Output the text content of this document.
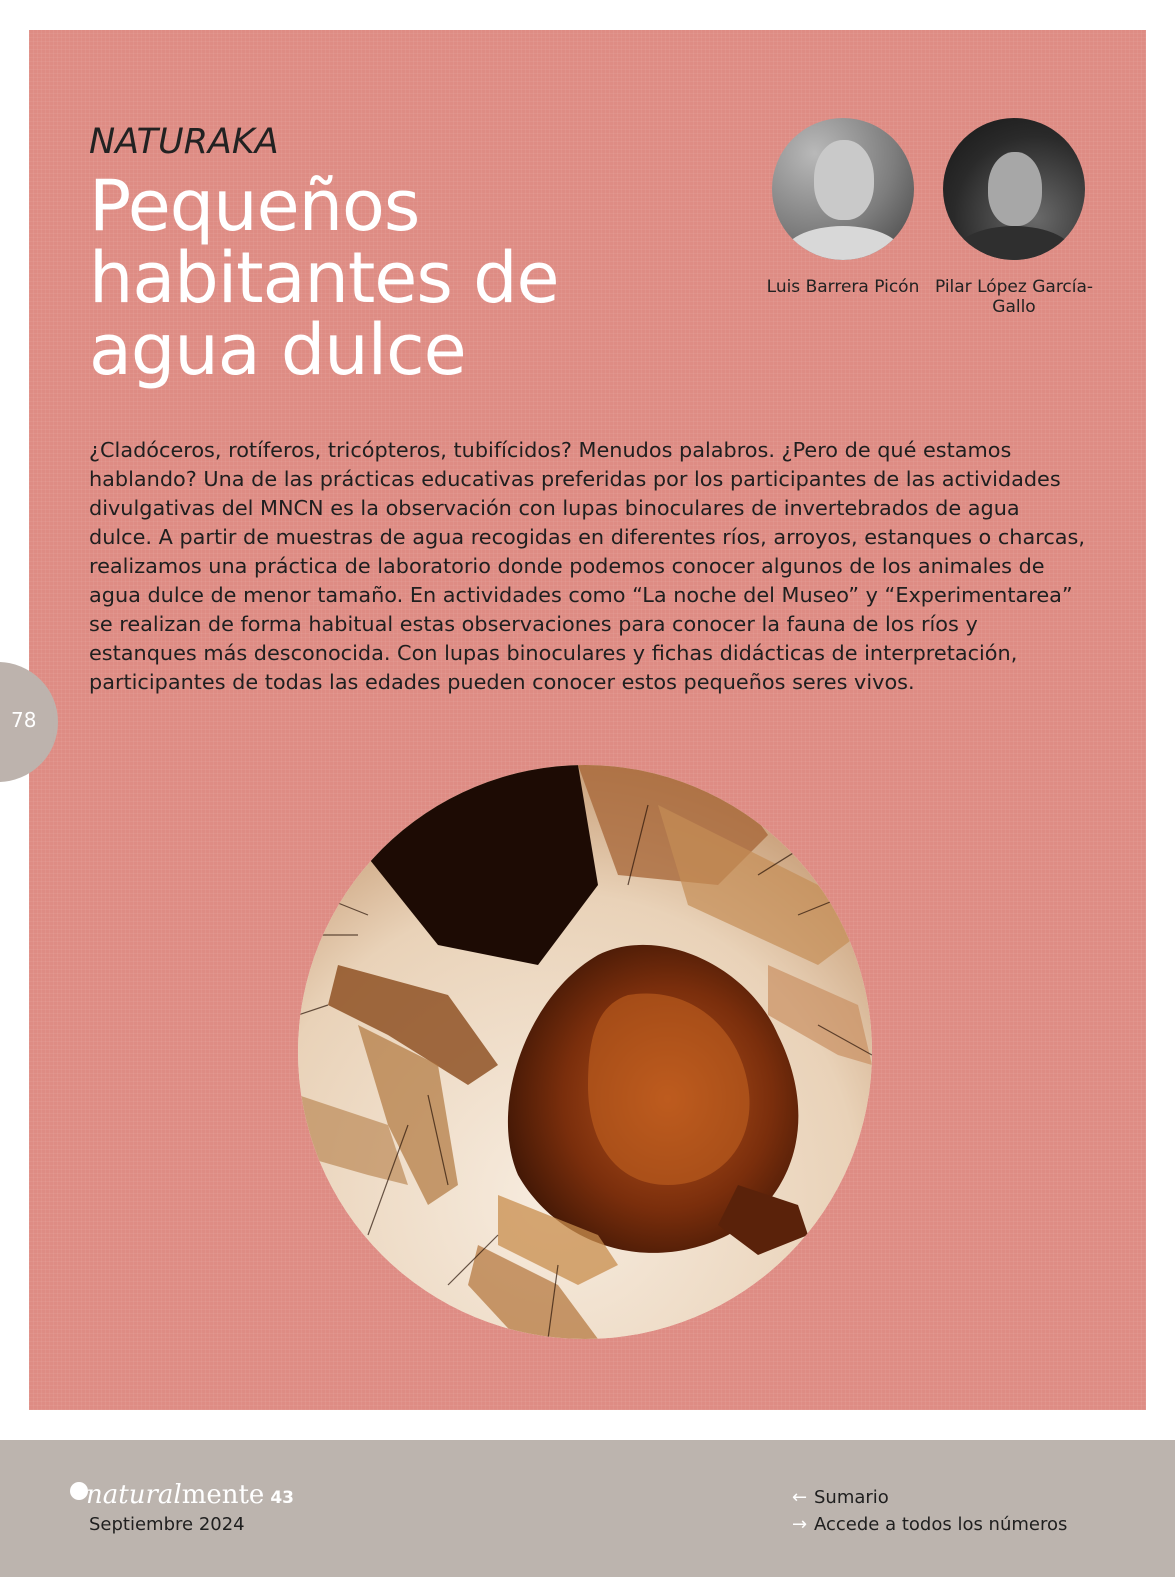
NATURAKA

Pequeños habitantes de agua dulce
Luis Barrera Picón Pilar López García-Gallo

¿Cladóceros, rotíferos, tricópteros, tubifícidos? Menudos palabros. ¿Pero de qué estamos hablando? Una de las prácticas educativas preferidas por los participantes de las actividades divulgativas del MNCN es la observación con lupas binoculares de invertebrados de agua dulce. A partir de muestras de agua recogidas en diferentes ríos, arroyos, estanques o charcas, realizamos una práctica de laboratorio donde podemos conocer algunos de los animales de agua dulce de menor tamaño. En actividades como “La noche del Museo” y “Experimentarea” se realizan de forma habitual estas observaciones para conocer la fauna de los ríos y estanques más desconocida. Con lupas binoculares y fichas didácticas de interpretación, participantes de todas las edades pueden conocer estos pequeños seres vivos.

78
naturalmente 43
Septiembre 2024
← Sumario
→ Accede a todos los números
